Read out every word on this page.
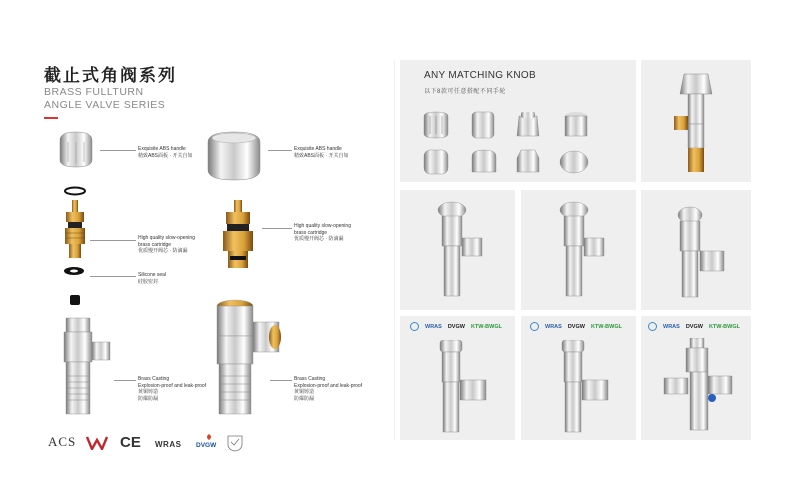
截止式角阀系列
BRASS FULLTURN
ANGLE VALVE SERIES
Exquisite ABS handle
精致ABS面板 · 开关自如
Exquisite ABS handle
精致ABS面板 · 开关自如
High quality slow-opening
brass cartridge
优质慢开阀芯 · 防滴漏
High quality slow-opening
brass cartridge
优质慢开阀芯 · 防滴漏
Silicone seal
硅胶密封
Brass Casting
Explosion-proof and leak-proof
黄铜铸造
防爆防漏
Brass Casting
Explosion-proof and leak-proof
黄铜铸造
防爆防漏
ACS	CE WRAS DVGW
ANY MATCHING KNOB
以下8款可任意搭配不同手轮
WRAS DVGW KTW-BWGL	WRAS DVGW KTW-BWGL	WRAS DVGW KTW-BWGL
